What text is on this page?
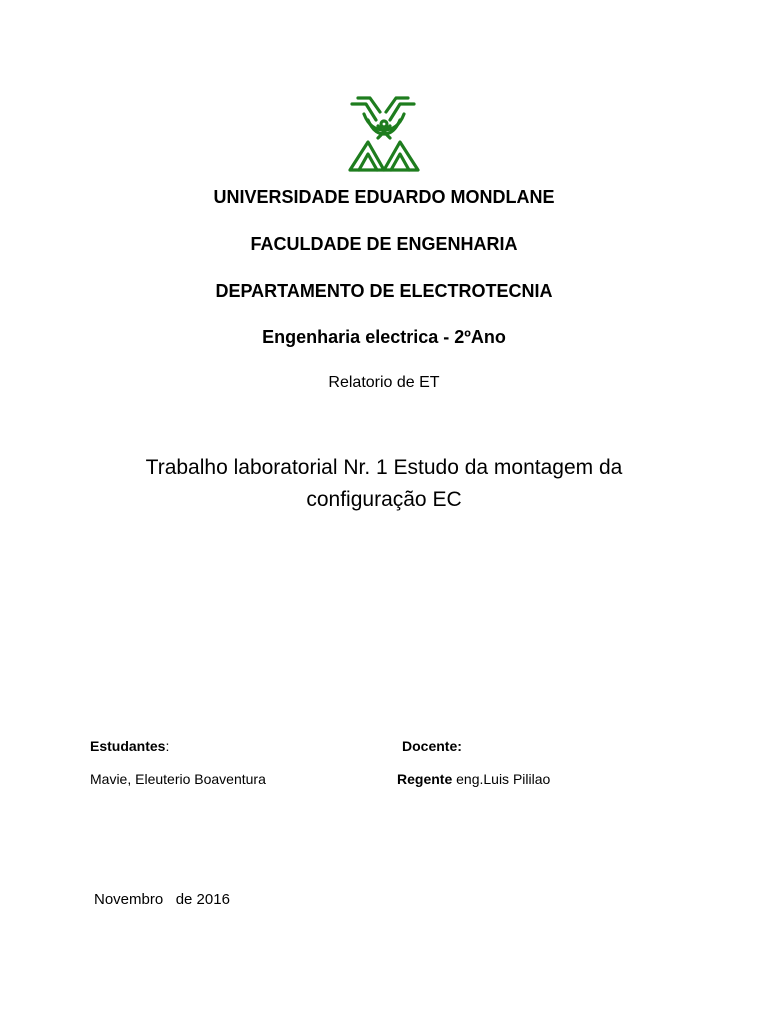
UNIVERSIDADE EDUARDO MONDLANE
FACULDADE DE ENGENHARIA
DEPARTAMENTO DE ELECTROTECNIA
Engenharia electrica - 2ºAno
Relatorio de ET
Trabalho laboratorial Nr. 1 Estudo da montagem da
configuração EC
Estudantes:
Mavie, Eleuterio Boaventura
Docente:
Regente eng.Luis Pililao
Novembro   de 2016
